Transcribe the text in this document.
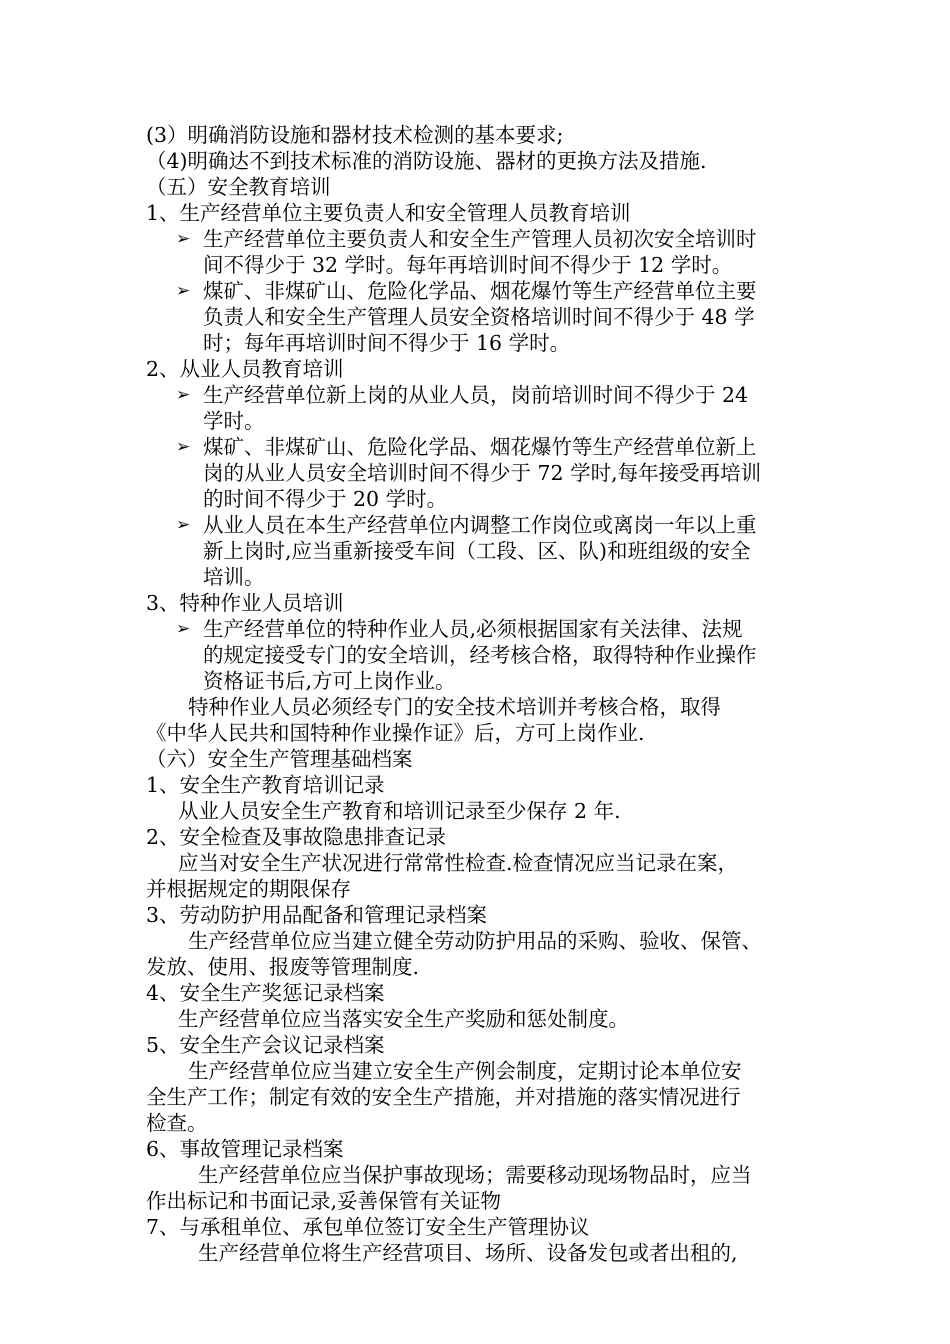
(3）明确消防设施和器材技术检测的基本要求;
（4)明确达不到技术标准的消防设施、器材的更换方法及措施.
（五）安全教育培训
1、生产经营单位主要负责人和安全管理人员教育培训
➢ 生产经营单位主要负责人和安全生产管理人员初次安全培训时
间不得少于 32 学时。每年再培训时间不得少于 12 学时。
➢ 煤矿、非煤矿山、危险化学品、烟花爆竹等生产经营单位主要
负责人和安全生产管理人员安全资格培训时间不得少于 48 学
时；每年再培训时间不得少于 16 学时。
2、从业人员教育培训
➢ 生产经营单位新上岗的从业人员，岗前培训时间不得少于 24
学时。
➢ 煤矿、非煤矿山、危险化学品、烟花爆竹等生产经营单位新上
岗的从业人员安全培训时间不得少于 72 学时,每年接受再培训
的时间不得少于 20 学时。
➢ 从业人员在本生产经营单位内调整工作岗位或离岗一年以上重
新上岗时,应当重新接受车间（工段、区、队)和班组级的安全
培训。
3、特种作业人员培训
➢ 生产经营单位的特种作业人员,必须根据国家有关法律、法规
的规定接受专门的安全培训，经考核合格，取得特种作业操作
资格证书后,方可上岗作业。
特种作业人员必须经专门的安全技术培训并考核合格，取得
《中华人民共和国特种作业操作证》后，方可上岗作业.
（六）安全生产管理基础档案
1、安全生产教育培训记录
从业人员安全生产教育和培训记录至少保存 2 年.
2、安全检查及事故隐患排查记录
应当对安全生产状况进行常常性检查.检查情况应当记录在案，
并根据规定的期限保存
3、劳动防护用品配备和管理记录档案
生产经营单位应当建立健全劳动防护用品的采购、验收、保管、
发放、使用、报废等管理制度.
4、安全生产奖惩记录档案
生产经营单位应当落实安全生产奖励和惩处制度。
5、安全生产会议记录档案
生产经营单位应当建立安全生产例会制度，定期讨论本单位安
全生产工作；制定有效的安全生产措施，并对措施的落实情况进行
检查。
6、事故管理记录档案
生产经营单位应当保护事故现场；需要移动现场物品时，应当
作出标记和书面记录,妥善保管有关证物
7、与承租单位、承包单位签订安全生产管理协议
生产经营单位将生产经营项目、场所、设备发包或者出租的,
